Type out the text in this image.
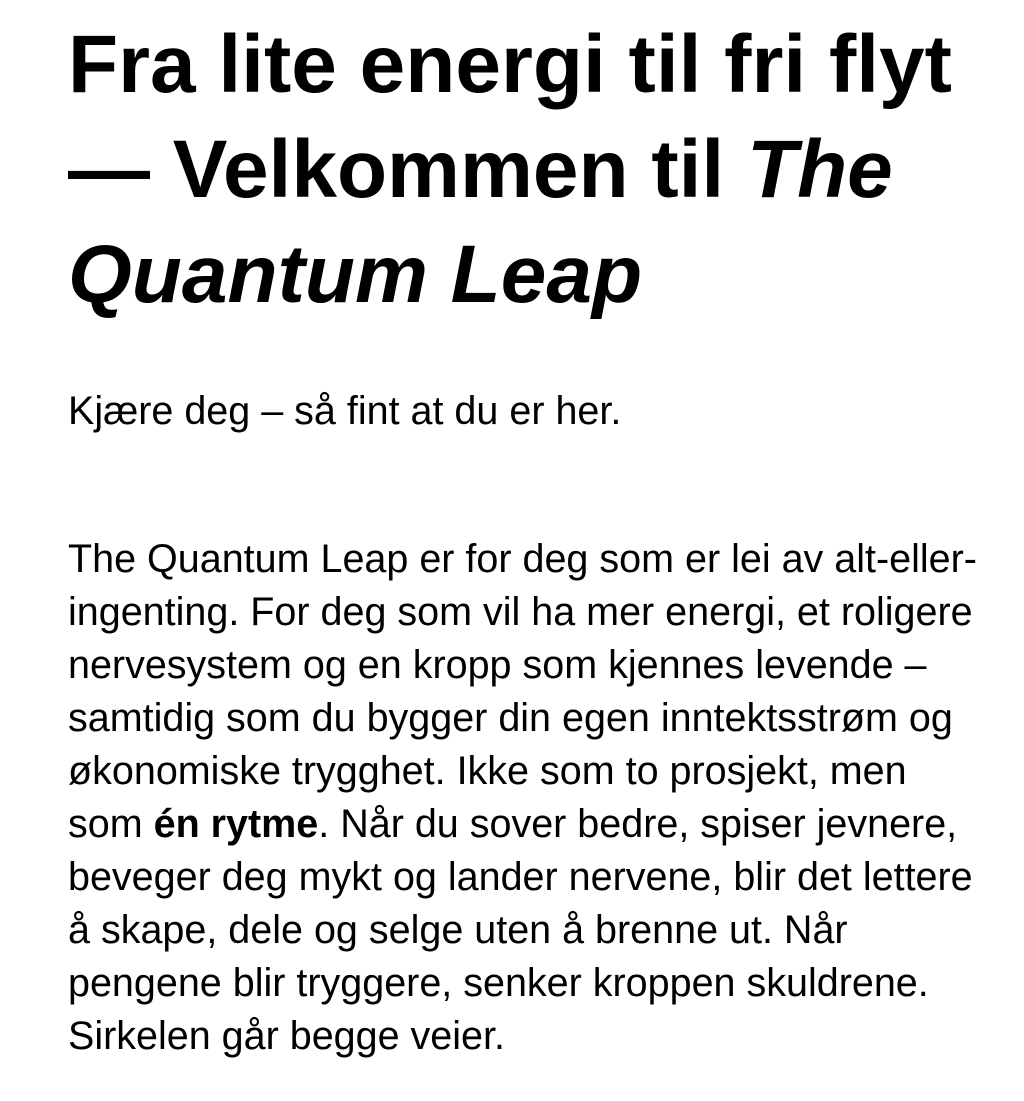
Fra lite energi til fri flyt — Velkommen til The Quantum Leap

Kjære deg – så fint at du er her.

The Quantum Leap er for deg som er lei av alt-eller-ingenting. For deg som vil ha mer energi, et roligere nervesystem og en kropp som kjennes levende – samtidig som du bygger din egen inntektsstrøm og økonomiske trygghet. Ikke som to prosjekt, men som én rytme. Når du sover bedre, spiser jevnere, beveger deg mykt og lander nervene, blir det lettere å skape, dele og selge uten å brenne ut. Når pengene blir tryggere, senker kroppen skuldrene. Sirkelen går begge veier.
